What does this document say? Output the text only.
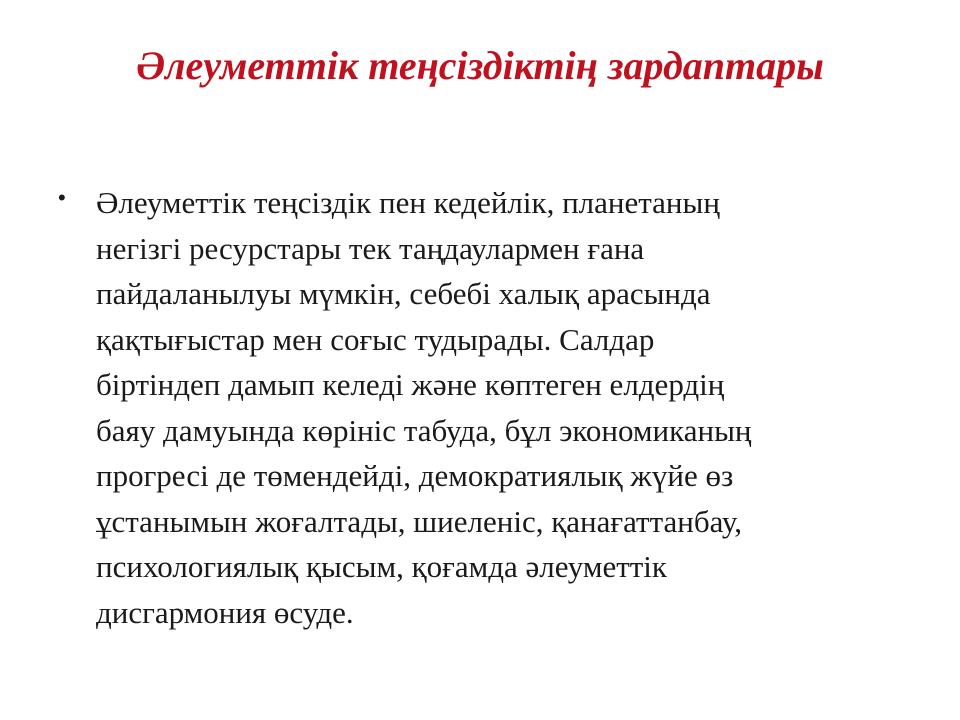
Әлеуметтік теңсіздіктің зардаптары
• Әлеуметтік теңсіздік пен кедейлік, планетаның
негізгі ресурстары тек таңдаулармен ғана
пайдаланылуы мүмкін, себебі халық арасында
қақтығыстар мен соғыс тудырады. Салдар
біртіндеп дамып келеді және көптеген елдердің
баяу дамуында көрініс табуда, бұл экономиканың
прогресі де төмендейді, демократиялық жүйе өз
ұстанымын жоғалтады, шиеленіс, қанағаттанбау,
психологиялық қысым, қоғамда әлеуметтік
дисгармония өсуде.
